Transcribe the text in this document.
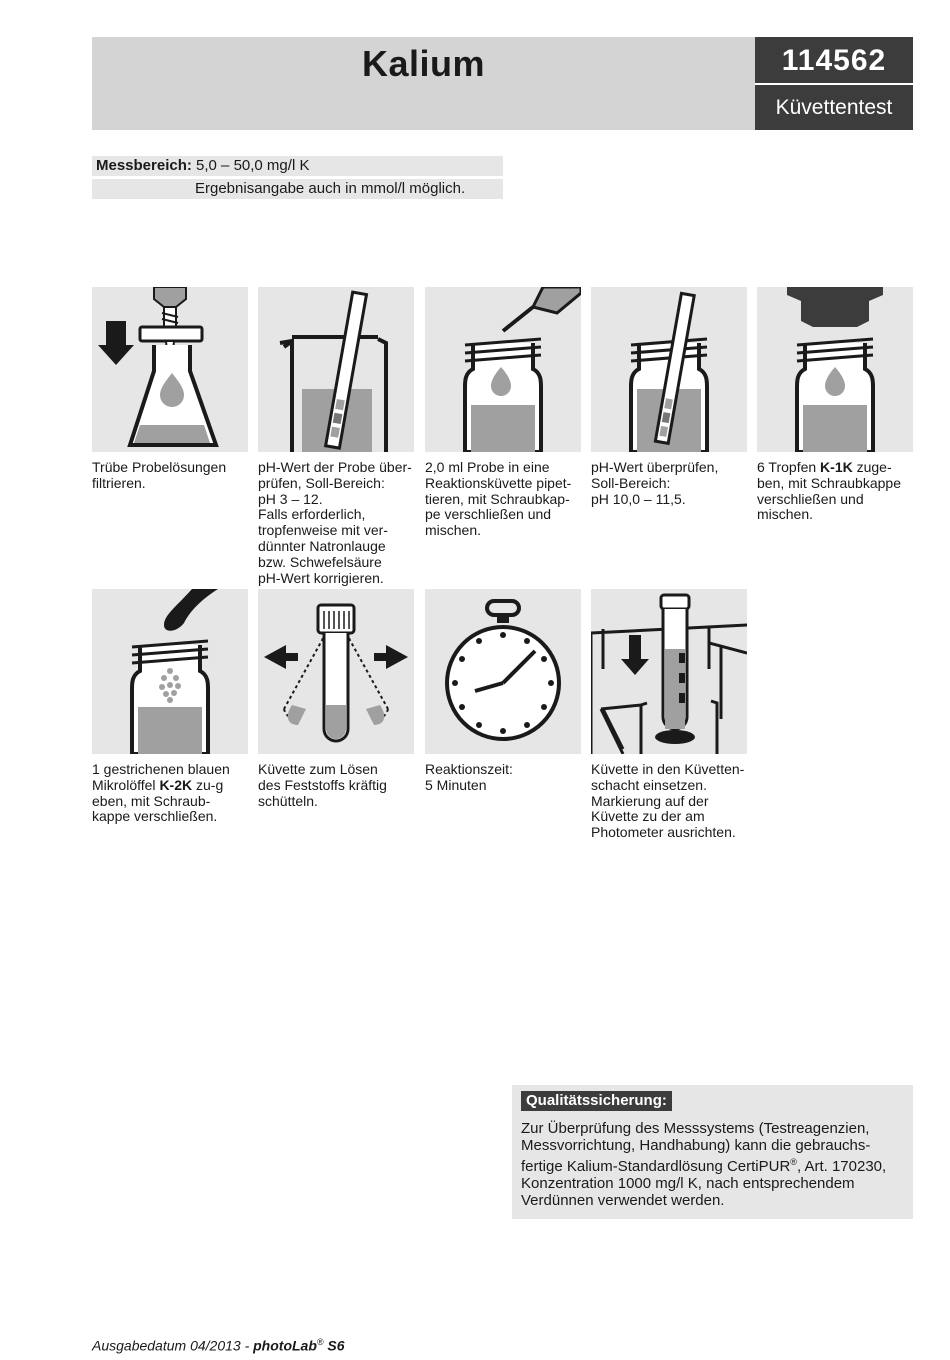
Kalium	114562
Küvettentest
Messbereich: 5,0 – 50,0 mg/l K
Ergebnisangabe auch in mmol/l möglich.
Trübe Probelösungen
filtrieren.
pH-Wert der Probe über-
prüfen, Soll-Bereich:
pH 3 – 12.
Falls erforderlich,
tropfenweise mit ver-
dünnter Natronlauge
bzw. Schwefelsäure
pH-Wert korrigieren.
2,0 ml Probe in eine
Reaktionsküvette pipet-
tieren, mit Schraubkap-
pe verschließen und
mischen.
pH-Wert überprüfen,
Soll-Bereich:
pH 10,0 – 11,5.
6 Tropfen K-1K zuge-
ben, mit Schraubkappe
verschließen und
mischen.
1 gestrichenen blauen
Mikrolöffel K-2K zu-g
eben, mit Schraub-
kappe verschließen.
Küvette zum Lösen
des Feststoffs kräftig
schütteln.
Reaktionszeit:
5 Minuten
Küvette in den Küvetten-
schacht einsetzen.
Markierung auf der
Küvette zu der am
Photometer ausrichten.
Qualitätssicherung:
Zur Überprüfung des Messsystems (Testreagenzien,
Messvorrichtung, Handhabung) kann die gebrauchs-
fertige Kalium-Standardlösung CertiPUR®, Art. 170230,
Konzentration 1000 mg/l K, nach entsprechendem
Verdünnen verwendet werden.
Ausgabedatum 04/2013 - photoLab® S6
